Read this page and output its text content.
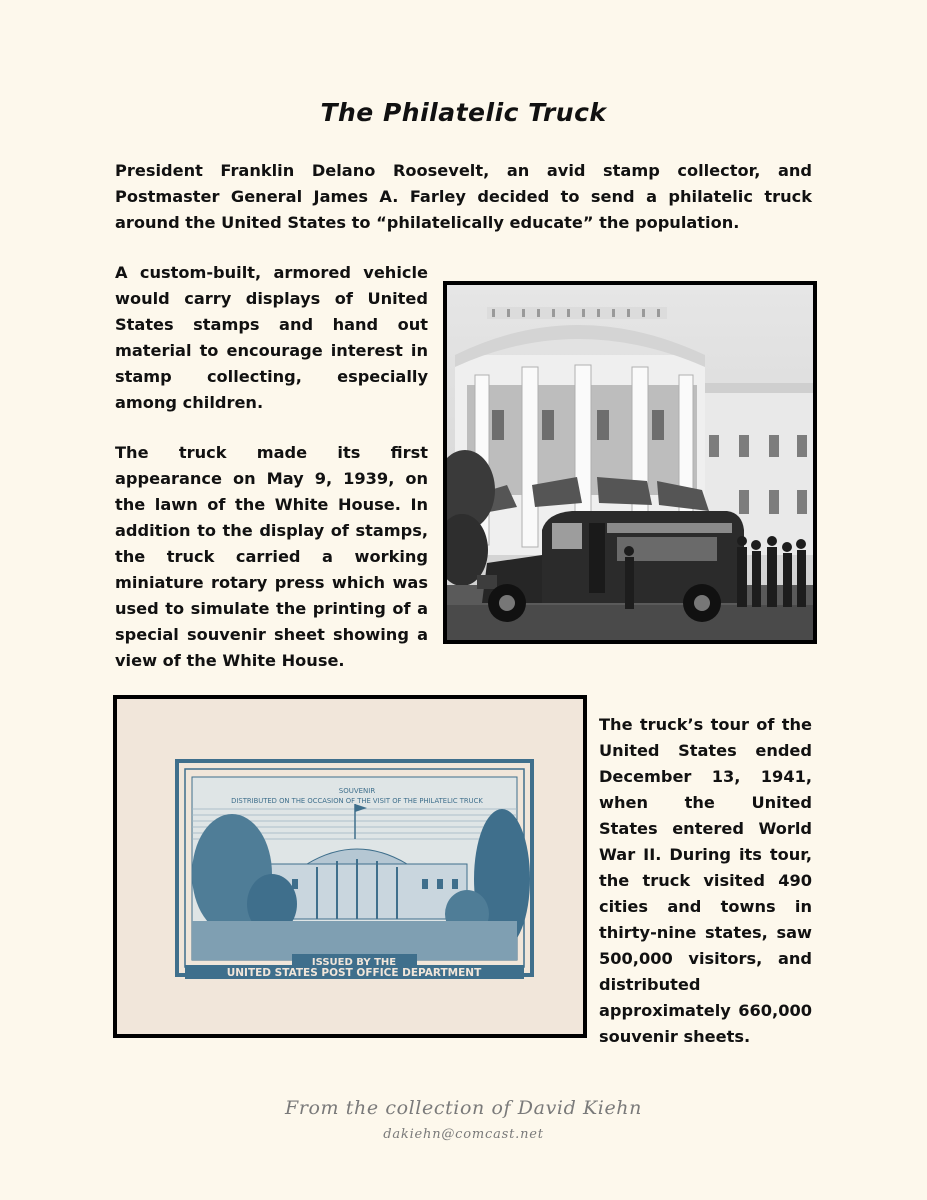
The Philatelic Truck

President Franklin Delano Roosevelt, an avid stamp collector, and Postmaster General James A. Farley decided to send a philatelic truck around the United States to “philatelically educate” the population.

A custom-built, armored vehicle would carry displays of United States stamps and hand out material to encourage interest in stamp collecting, especially among children.

The truck made its first appearance on May 9, 1939, on the lawn of the White House. In addition to the display of stamps, the truck carried a working miniature rotary press which was used to simulate the printing of a special souvenir sheet showing a view of the White House.

SOUVENIR
DISTRIBUTED ON THE OCCASION OF THE VISIT OF THE PHILATELIC TRUCK
ISSUED BY THE
UNITED STATES POST OFFICE DEPARTMENT

The truck’s tour of the United States ended December 13, 1941, when the United States entered World War II. During its tour, the truck visited 490 cities and towns in thirty-nine states, saw 500,000 visitors, and distributed approximately 660,000 souvenir sheets.

From the collection of David Kiehn
dakiehn@comcast.net
